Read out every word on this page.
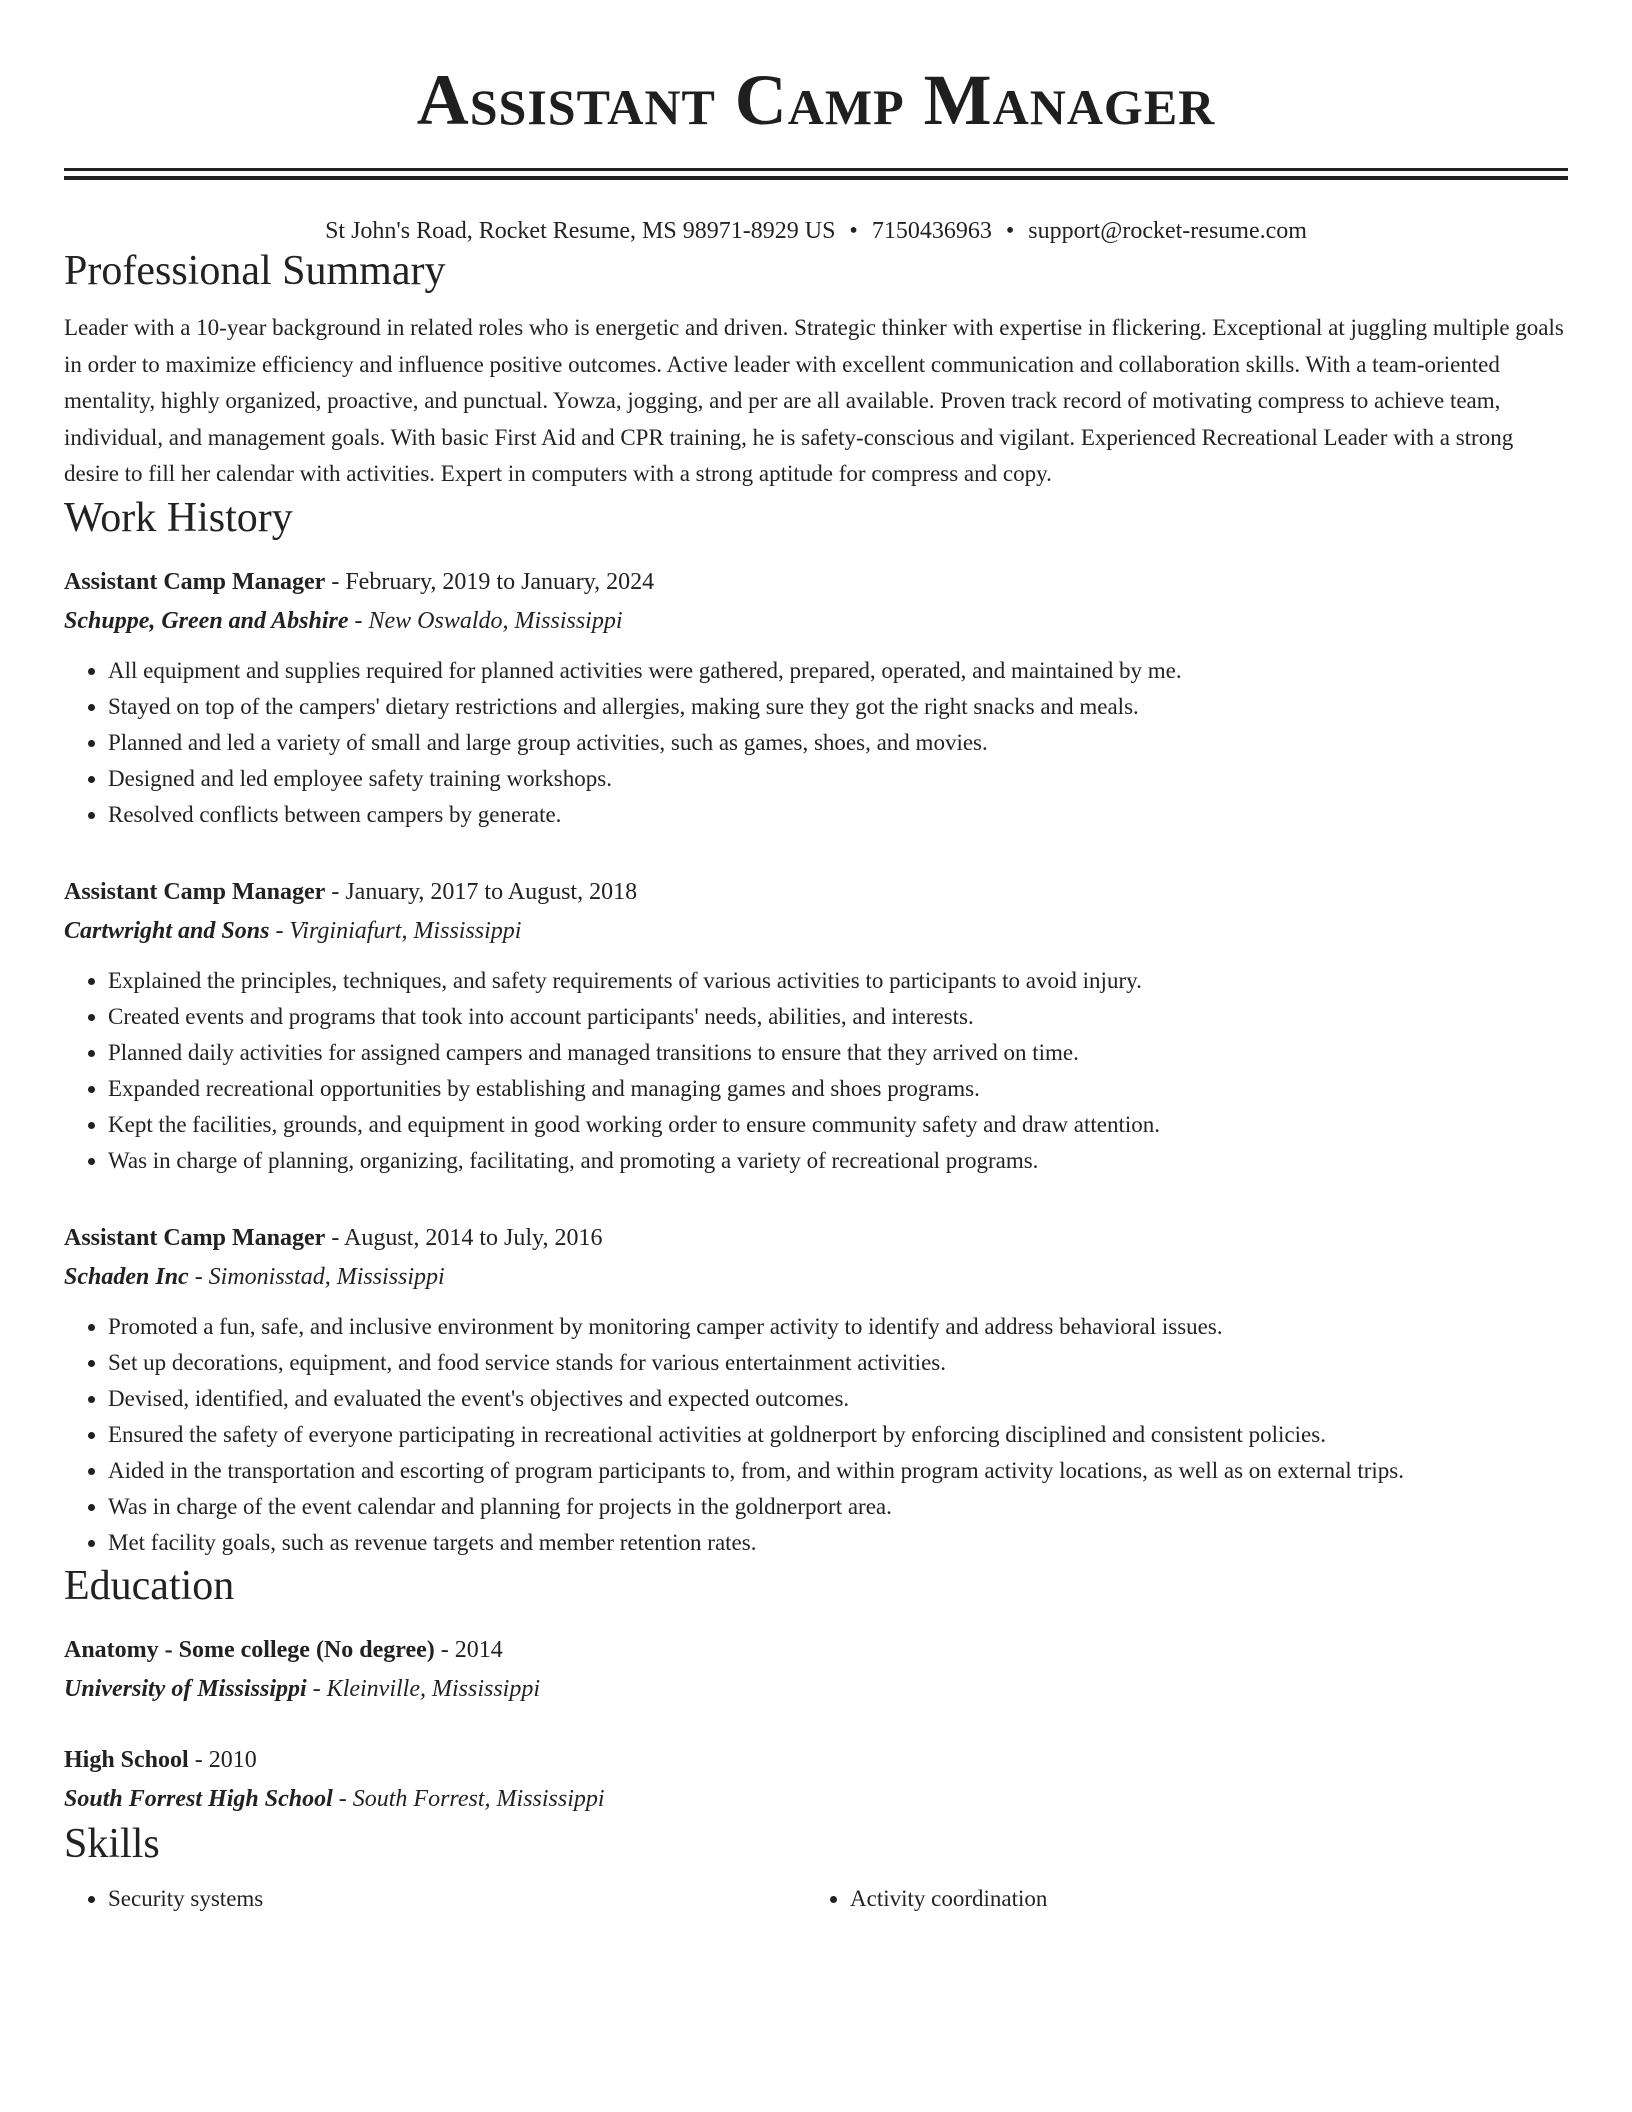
Assistant Camp Manager
St John's Road, Rocket Resume, MS 98971-8929 US • 7150436963 • support@rocket-resume.com
Professional Summary
Leader with a 10-year background in related roles who is energetic and driven. Strategic thinker with expertise in flickering. Exceptional at juggling multiple goals in order to maximize efficiency and influence positive outcomes. Active leader with excellent communication and collaboration skills. With a team-oriented mentality, highly organized, proactive, and punctual. Yowza, jogging, and per are all available. Proven track record of motivating compress to achieve team, individual, and management goals. With basic First Aid and CPR training, he is safety-conscious and vigilant. Experienced Recreational Leader with a strong desire to fill her calendar with activities. Expert in computers with a strong aptitude for compress and copy.
Work History
Assistant Camp Manager - February, 2019 to January, 2024
Schuppe, Green and Abshire - New Oswaldo, Mississippi
• All equipment and supplies required for planned activities were gathered, prepared, operated, and maintained by me.
• Stayed on top of the campers' dietary restrictions and allergies, making sure they got the right snacks and meals.
• Planned and led a variety of small and large group activities, such as games, shoes, and movies.
• Designed and led employee safety training workshops.
• Resolved conflicts between campers by generate.
Assistant Camp Manager - January, 2017 to August, 2018
Cartwright and Sons - Virginiafurt, Mississippi
• Explained the principles, techniques, and safety requirements of various activities to participants to avoid injury.
• Created events and programs that took into account participants' needs, abilities, and interests.
• Planned daily activities for assigned campers and managed transitions to ensure that they arrived on time.
• Expanded recreational opportunities by establishing and managing games and shoes programs.
• Kept the facilities, grounds, and equipment in good working order to ensure community safety and draw attention.
• Was in charge of planning, organizing, facilitating, and promoting a variety of recreational programs.
Assistant Camp Manager - August, 2014 to July, 2016
Schaden Inc - Simonisstad, Mississippi
• Promoted a fun, safe, and inclusive environment by monitoring camper activity to identify and address behavioral issues.
• Set up decorations, equipment, and food service stands for various entertainment activities.
• Devised, identified, and evaluated the event's objectives and expected outcomes.
• Ensured the safety of everyone participating in recreational activities at goldnerport by enforcing disciplined and consistent policies.
• Aided in the transportation and escorting of program participants to, from, and within program activity locations, as well as on external trips.
• Was in charge of the event calendar and planning for projects in the goldnerport area.
• Met facility goals, such as revenue targets and member retention rates.
Education
Anatomy - Some college (No degree) - 2014
University of Mississippi - Kleinville, Mississippi
High School - 2010
South Forrest High School - South Forrest, Mississippi
Skills
• Security systems
•	Activity coordination
